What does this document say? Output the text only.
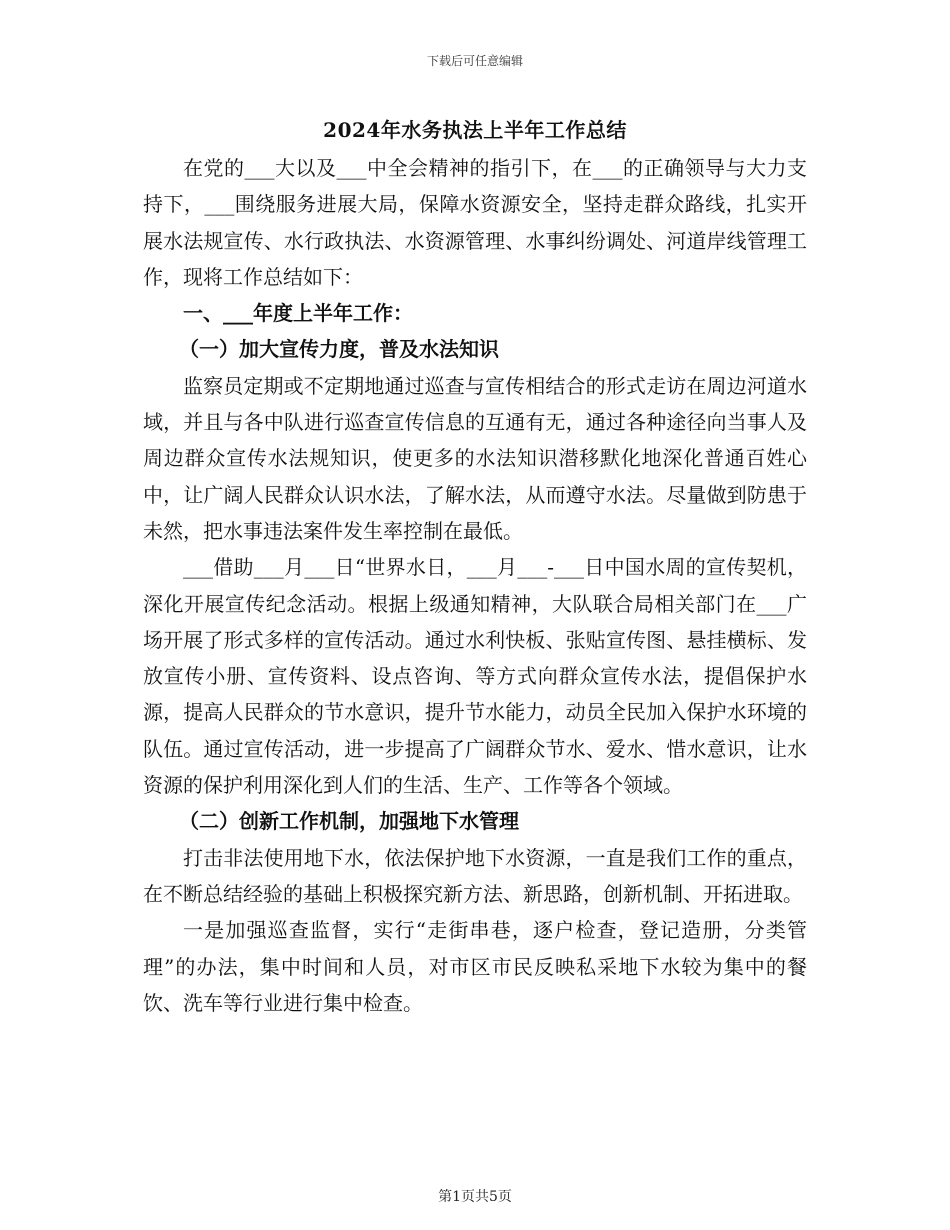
下载后可任意编辑
2024年水务执法上半年工作总结

在党的___大以及___中全会精神的指引下，在___的正确领导与大力支持下，___围绕服务进展大局，保障水资源安全，坚持走群众路线，扎实开展水法规宣传、水行政执法、水资源管理、水事纠纷调处、河道岸线管理工作，现将工作总结如下：

一、___年度上半年工作：

（一）加大宣传力度，普及水法知识

监察员定期或不定期地通过巡查与宣传相结合的形式走访在周边河道水域，并且与各中队进行巡查宣传信息的互通有无，通过各种途径向当事人及周边群众宣传水法规知识，使更多的水法知识潜移默化地深化普通百姓心中，让广阔人民群众认识水法，了解水法，从而遵守水法。尽量做到防患于未然，把水事违法案件发生率控制在最低。

___借助___月___日“世界水日，___月___-___日中国水周的宣传契机，深化开展宣传纪念活动。根据上级通知精神，大队联合局相关部门在___广场开展了形式多样的宣传活动。通过水利快板、张贴宣传图、悬挂横标、发放宣传小册、宣传资料、设点咨询、等方式向群众宣传水法，提倡保护水源，提高人民群众的节水意识，提升节水能力，动员全民加入保护水环境的队伍。通过宣传活动，进一步提高了广阔群众节水、爱水、惜水意识，让水资源的保护利用深化到人们的生活、生产、工作等各个领域。

（二）创新工作机制，加强地下水管理

打击非法使用地下水，依法保护地下水资源，一直是我们工作的重点，在不断总结经验的基础上积极探究新方法、新思路，创新机制、开拓进取。

一是加强巡查监督，实行“走街串巷，逐户检查，登记造册，分类管理”的办法，集中时间和人员，对市区市民反映私采地下水较为集中的餐饮、洗车等行业进行集中检查。

第1页共5页
